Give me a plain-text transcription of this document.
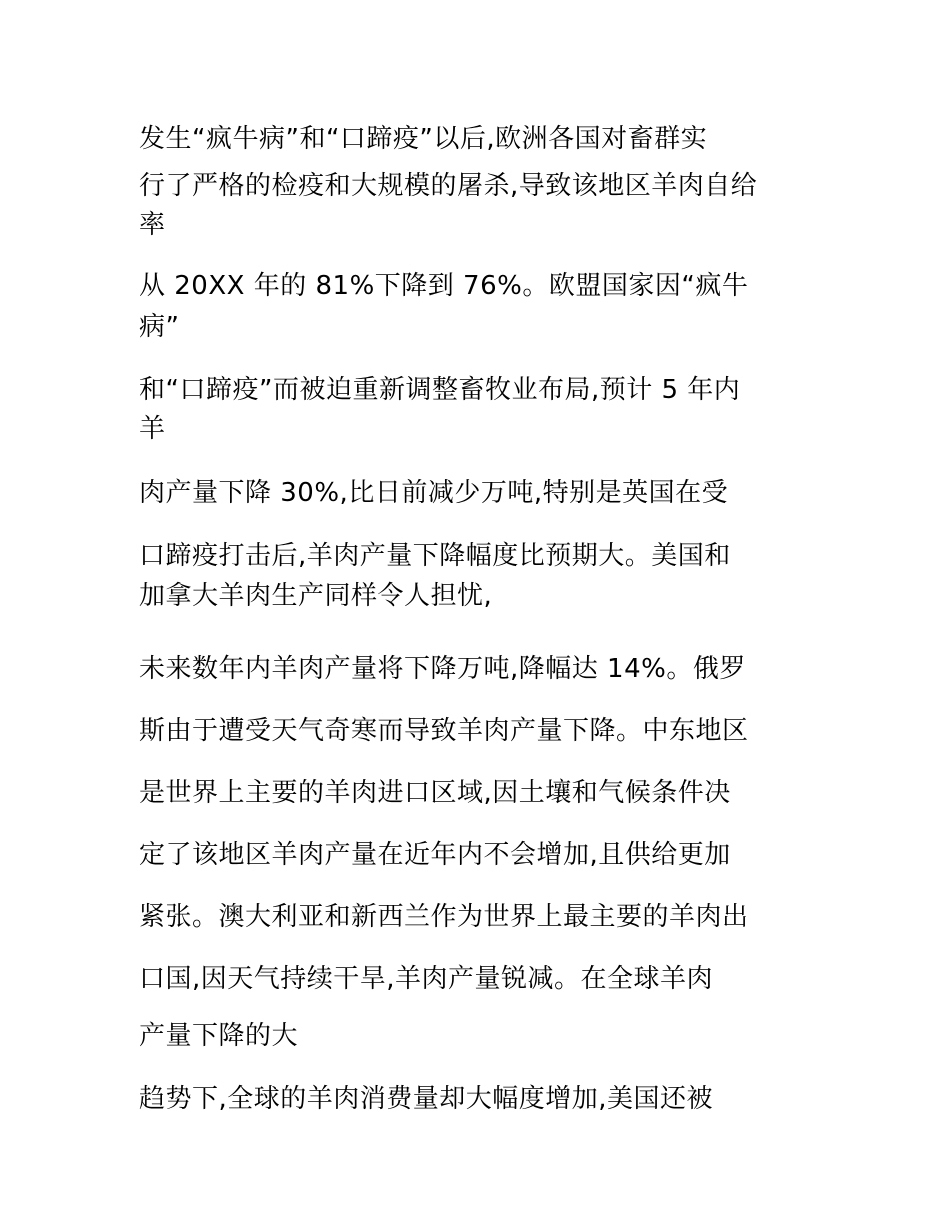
发生“疯牛病”和“口蹄疫”以后,欧洲各国对畜群实
行了严格的检疫和大规模的屠杀,导致该地区羊肉自给
率
从 20XX 年的 81%下降到 76%。欧盟国家因“疯牛
病”
和“口蹄疫”而被迫重新调整畜牧业布局,预计 5 年内
羊
肉产量下降 30%,比日前减少万吨,特别是英国在受
口蹄疫打击后,羊肉产量下降幅度比预期大。美国和
加拿大羊肉生产同样令人担忧,
未来数年内羊肉产量将下降万吨,降幅达 14%。俄罗
斯由于遭受天气奇寒而导致羊肉产量下降。中东地区
是世界上主要的羊肉进口区域,因土壤和气候条件决
定了该地区羊肉产量在近年内不会增加,且供给更加
紧张。澳大利亚和新西兰作为世界上最主要的羊肉出
口国,因天气持续干旱,羊肉产量锐减。在全球羊肉
产量下降的大
趋势下,全球的羊肉消费量却大幅度增加,美国还被
